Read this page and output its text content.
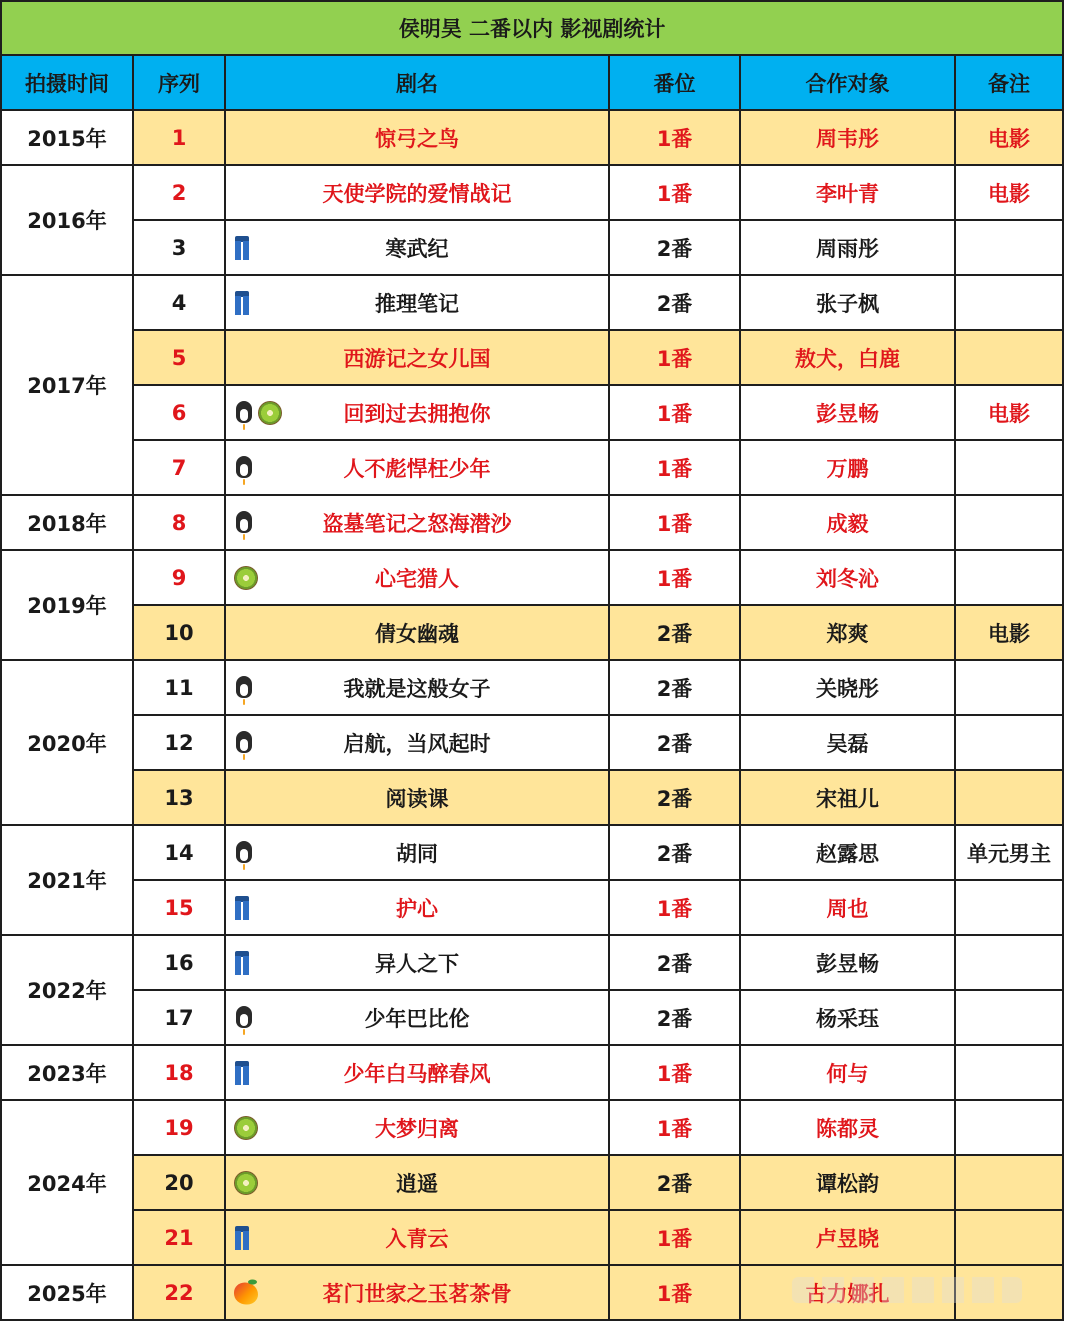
侯明昊 二番以内 影视剧统计					
拍摄时间	序列	剧名	番位	合作对象	备注
2015年	1	惊弓之鸟	1番	周韦彤	电影
2016年	2	天使学院的爱情战记	1番	李叶青	电影
	3	寒武纪	2番	周雨彤	
2017年	4	推理笔记	2番	张子枫	
	5	西游记之女儿国	1番	敖犬，白鹿	
	6	回到过去拥抱你	1番	彭昱畅	电影
	7	人不彪悍枉少年	1番	万鹏	
2018年	8	盗墓笔记之怒海潜沙	1番	成毅	
2019年	9	心宅猎人	1番	刘冬沁	
	10	倩女幽魂	2番	郑爽	电影
2020年	11	我就是这般女子	2番	关晓彤	
	12	启航，当风起时	2番	吴磊	
	13	阅读课	2番	宋祖儿	
2021年	14	胡同	2番	赵露思	单元男主
	15	护心	1番	周也	
2022年	16	异人之下	2番	彭昱畅	
	17	少年巴比伦	2番	杨采珏	
2023年	18	少年白马醉春风	1番	何与	
2024年	19	大梦归离	1番	陈都灵	
	20	逍遥	2番	谭松韵	
	21	入青云	1番	卢昱晓	
2025年	22	茗门世家之玉茗茶骨	1番	古力娜扎	
